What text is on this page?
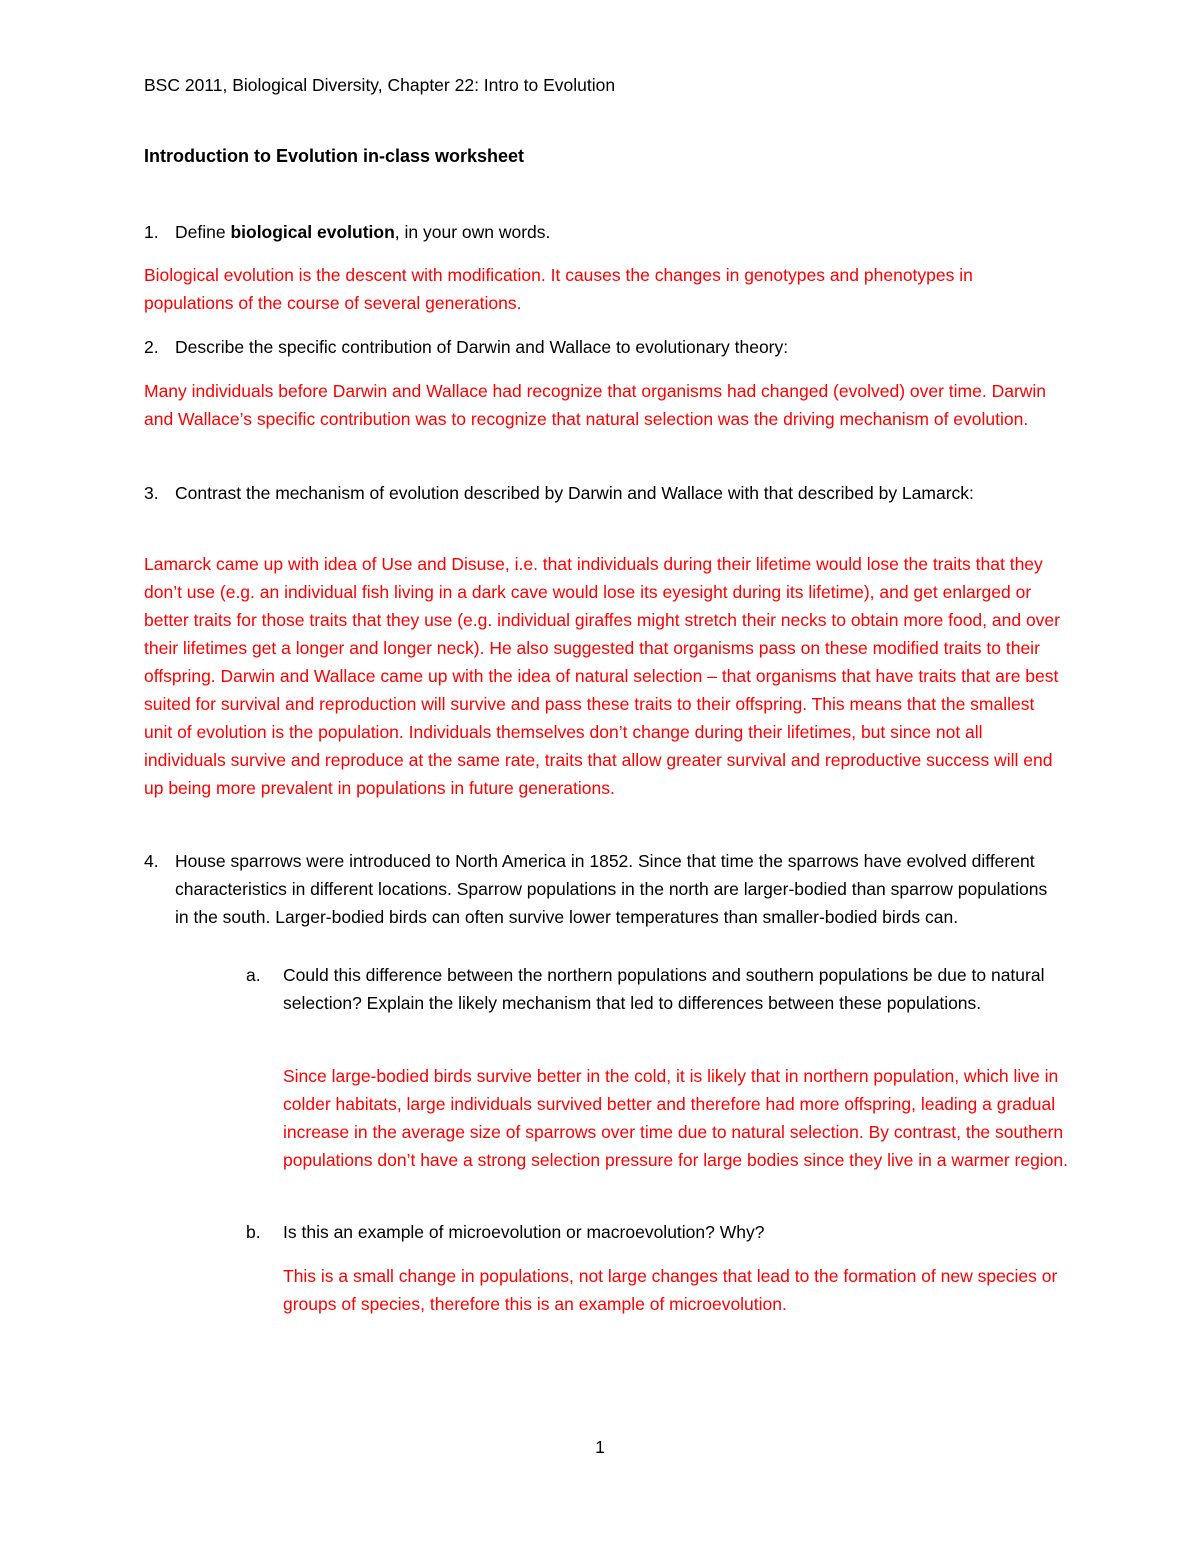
BSC 2011, Biological Diversity, Chapter 22: Intro to Evolution
Introduction to Evolution in-class worksheet
1. Define biological evolution, in your own words.
Biological evolution is the descent with modification. It causes the changes in genotypes and phenotypes in populations of the course of several generations.
2. Describe the specific contribution of Darwin and Wallace to evolutionary theory:
Many individuals before Darwin and Wallace had recognize that organisms had changed (evolved) over time. Darwin and Wallace’s specific contribution was to recognize that natural selection was the driving mechanism of evolution.
3. Contrast the mechanism of evolution described by Darwin and Wallace with that described by Lamarck:
Lamarck came up with idea of Use and Disuse, i.e. that individuals during their lifetime would lose the traits that they don’t use (e.g. an individual fish living in a dark cave would lose its eyesight during its lifetime), and get enlarged or better traits for those traits that they use (e.g. individual giraffes might stretch their necks to obtain more food, and over their lifetimes get a longer and longer neck). He also suggested that organisms pass on these modified traits to their offspring. Darwin and Wallace came up with the idea of natural selection – that organisms that have traits that are best suited for survival and reproduction will survive and pass these traits to their offspring. This means that the smallest unit of evolution is the population. Individuals themselves don’t change during their lifetimes, but since not all individuals survive and reproduce at the same rate, traits that allow greater survival and reproductive success will end up being more prevalent in populations in future generations.
4. House sparrows were introduced to North America in 1852. Since that time the sparrows have evolved different characteristics in different locations. Sparrow populations in the north are larger-bodied than sparrow populations in the south. Larger-bodied birds can often survive lower temperatures than smaller-bodied birds can.
a. Could this difference between the northern populations and southern populations be due to natural selection? Explain the likely mechanism that led to differences between these populations.
Since large-bodied birds survive better in the cold, it is likely that in northern population, which live in colder habitats, large individuals survived better and therefore had more offspring, leading a gradual increase in the average size of sparrows over time due to natural selection. By contrast, the southern populations don’t have a strong selection pressure for large bodies since they live in a warmer region.
b. Is this an example of microevolution or macroevolution? Why?
This is a small change in populations, not large changes that lead to the formation of new species or groups of species, therefore this is an example of microevolution.
1
